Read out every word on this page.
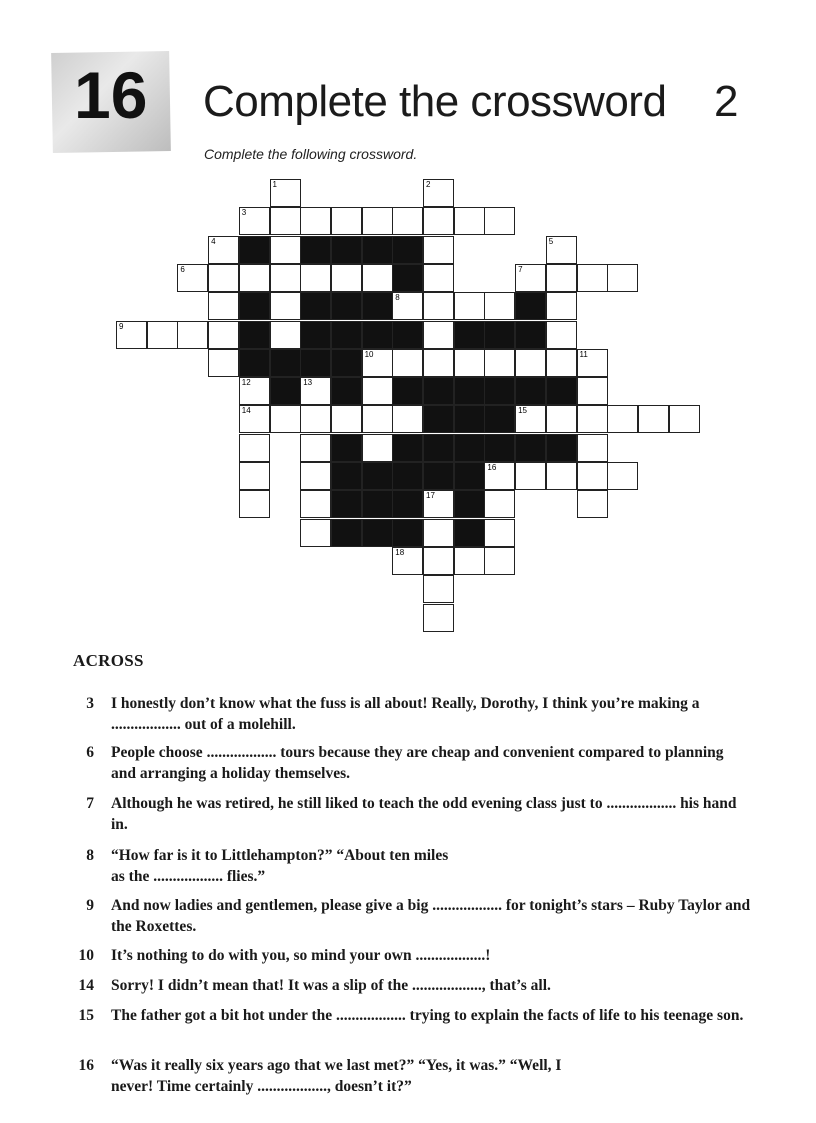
16 Complete the crossword 2
Complete the following crossword.
1	2
3
4	5
6	7
8
9
10	11
12	13
14	15
16
17
18
ACROSS
3 I honestly don’t know what the fuss is all about! Really, Dorothy, I think you’re making a .................. out of a molehill.
6 People choose .................. tours because they are cheap and convenient compared to planning and arranging a holiday themselves.
7 Although he was retired, he still liked to teach the odd evening class just to .................. his hand in.
8 “How far is it to Littlehampton?” “About ten miles as the .................. flies.”
9 And now ladies and gentlemen, please give a big .................. for tonight’s stars – Ruby Taylor and the Roxettes.
10 It’s nothing to do with you, so mind your own ..................!
14 Sorry! I didn’t mean that! It was a slip of the .................., that’s all.
15 The father got a bit hot under the .................. trying to explain the facts of life to his teenage son.
16 “Was it really six years ago that we last met?” “Yes, it was.” “Well, I never! Time certainly .................., doesn’t it?”
